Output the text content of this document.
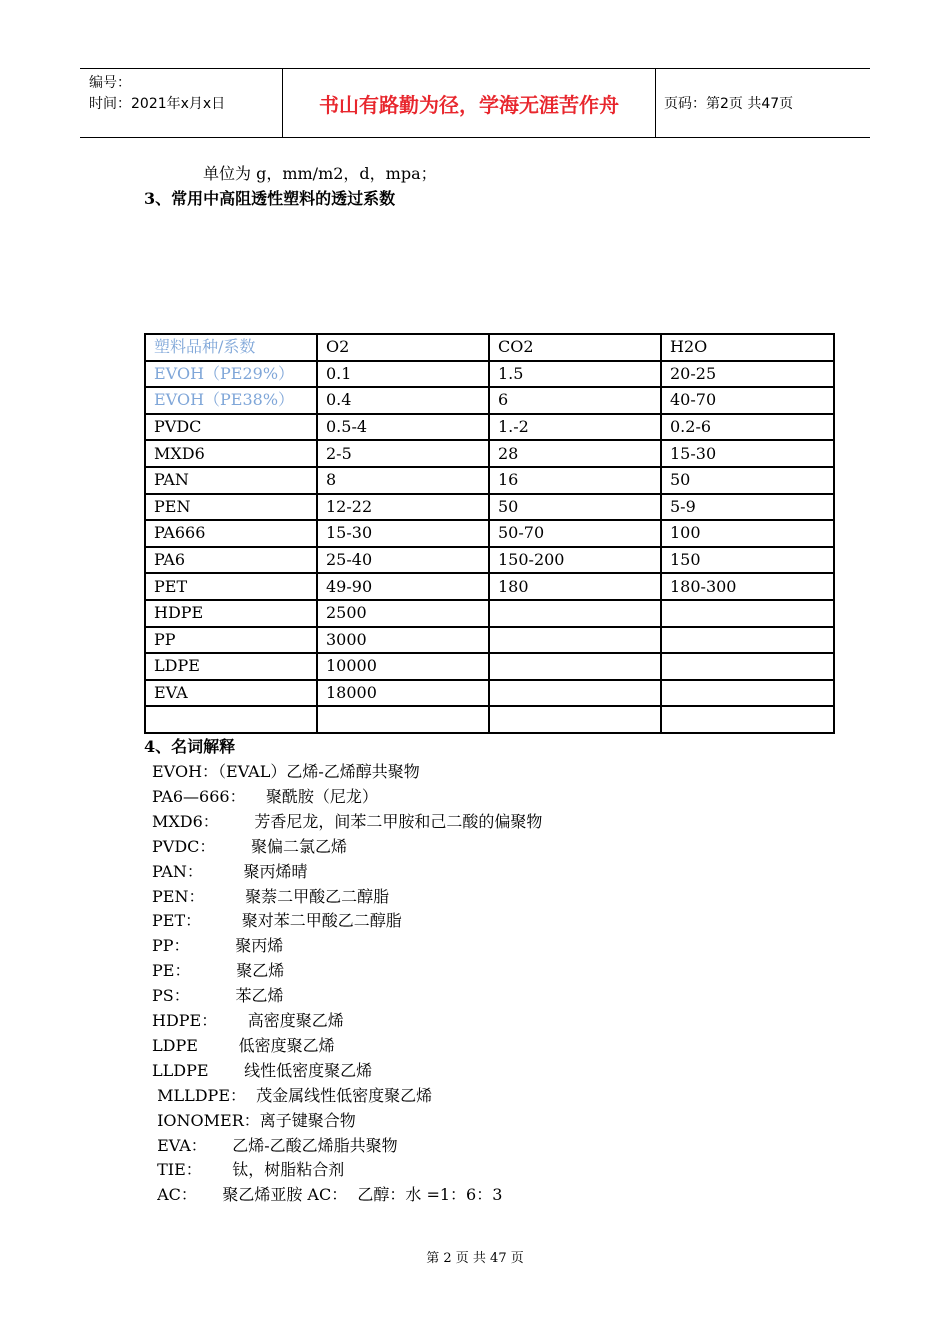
编号：
时间：2021年x月x日	书山有路勤为径，学海无涯苦作舟	页码：第2页 共47页
单位为 g，mm/m2，d，mpa；
3、常用中高阻透性塑料的透过系数
塑料品种/系数	O2	CO2	H2O
EVOH（PE29%）	0.1	1.5	20-25
EVOH（PE38%）	0.4	6	40-70
PVDC	0.5-4	1.-2	0.2-6
MXD6	2-5	28	15-30
PAN	8	16	50
PEN	12-22	50	5-9
PA666	15-30	50-70	100
PA6	25-40	150-200	150
PET	49-90	180	180-300
HDPE	2500		
PP	3000		
LDPE	10000		
EVA	18000		

4、名词解释
EVOH：（EVAL）乙烯-乙烯醇共聚物
PA6—666：    聚酰胺（尼龙）
MXD6：       芳香尼龙，间苯二甲胺和己二酸的偏聚物
PVDC：       聚偏二氯乙烯
PAN：        聚丙烯晴
PEN：        聚萘二甲酸乙二醇脂
PET：        聚对苯二甲酸乙二醇脂
PP：         聚丙烯
PE：         聚乙烯
PS：         苯乙烯
HDPE：      高密度聚乙烯
LDPE        低密度聚乙烯
LLDPE       线性低密度聚乙烯
MLLDPE：  茂金属线性低密度聚乙烯
IONOMER：离子键聚合物
EVA：     乙烯-乙酸乙烯脂共聚物
TIE：      钛，树脂粘合剂
AC：     聚乙烯亚胺 AC：  乙醇：水 =1：6：3
第 2 页 共 47 页
